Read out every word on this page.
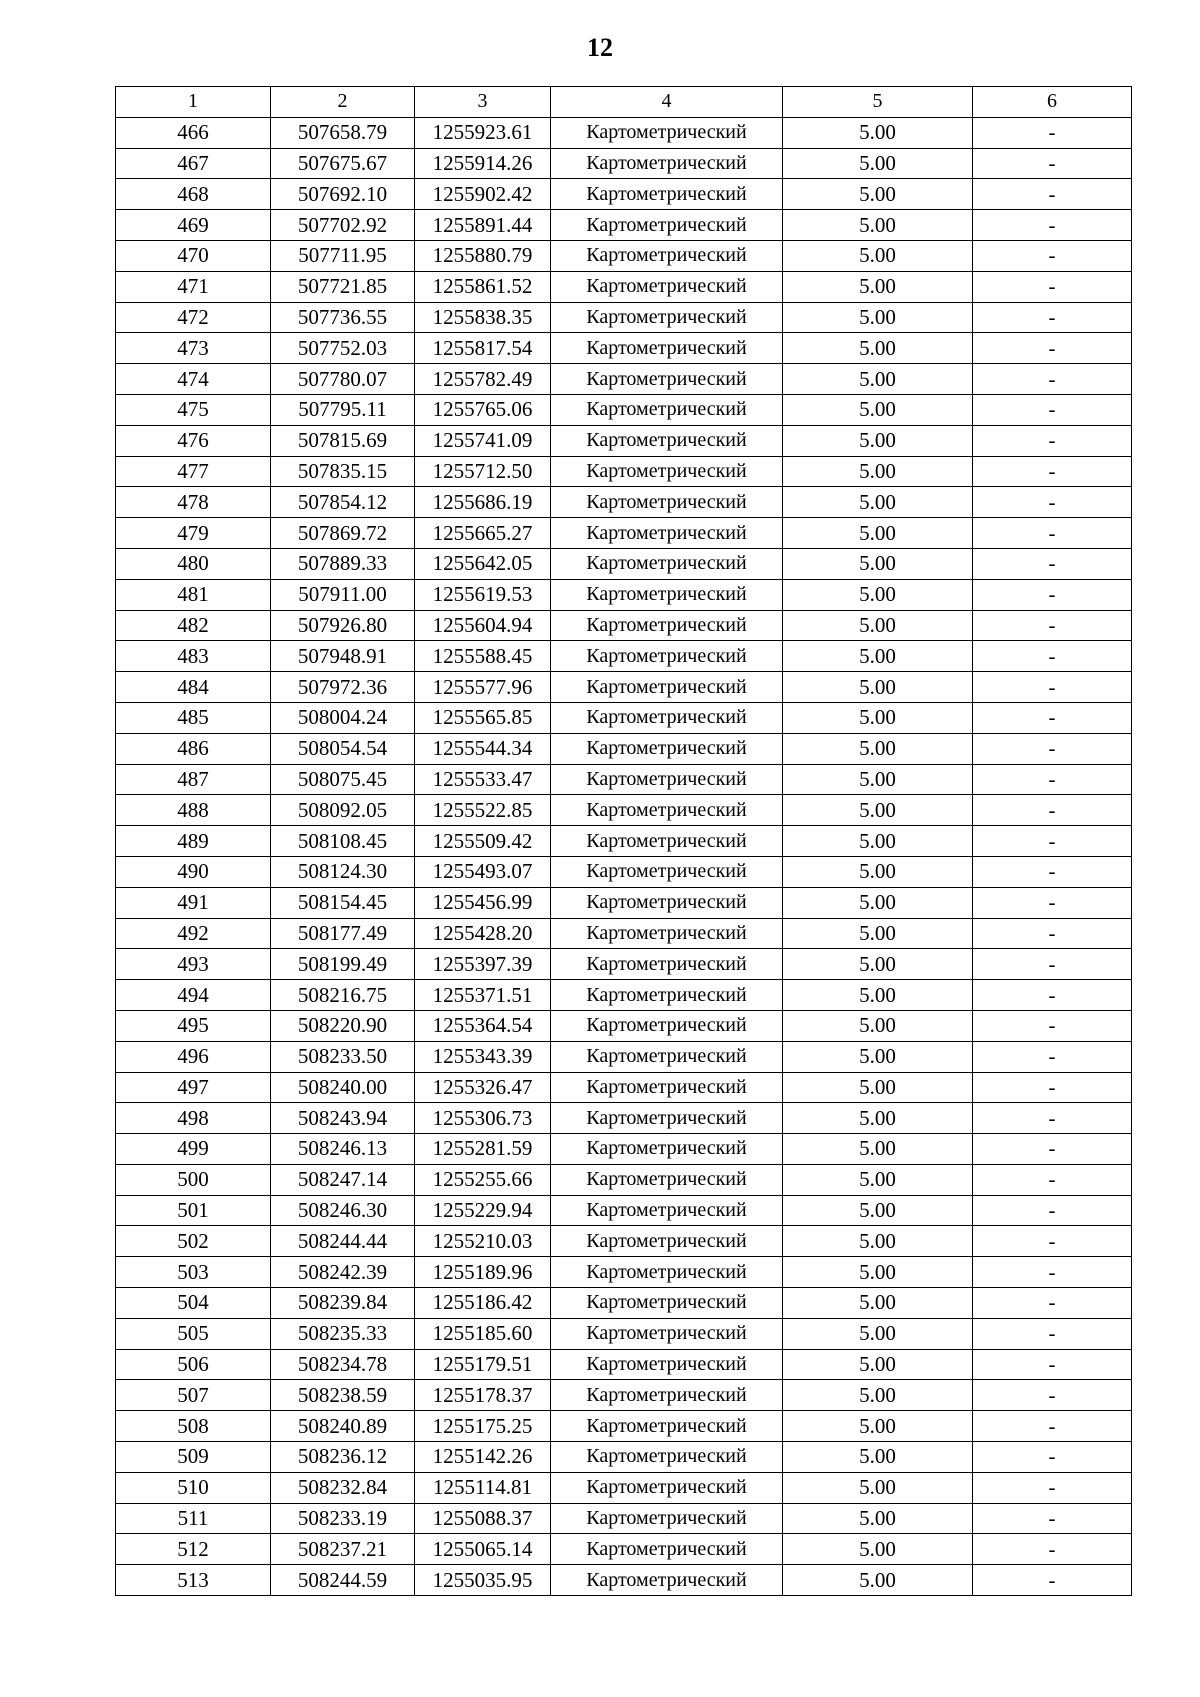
12
1	2	3	4	5	6
466	507658.79	1255923.61	Картометрический	5.00	-
467	507675.67	1255914.26	Картометрический	5.00	-
468	507692.10	1255902.42	Картометрический	5.00	-
469	507702.92	1255891.44	Картометрический	5.00	-
470	507711.95	1255880.79	Картометрический	5.00	-
471	507721.85	1255861.52	Картометрический	5.00	-
472	507736.55	1255838.35	Картометрический	5.00	-
473	507752.03	1255817.54	Картометрический	5.00	-
474	507780.07	1255782.49	Картометрический	5.00	-
475	507795.11	1255765.06	Картометрический	5.00	-
476	507815.69	1255741.09	Картометрический	5.00	-
477	507835.15	1255712.50	Картометрический	5.00	-
478	507854.12	1255686.19	Картометрический	5.00	-
479	507869.72	1255665.27	Картометрический	5.00	-
480	507889.33	1255642.05	Картометрический	5.00	-
481	507911.00	1255619.53	Картометрический	5.00	-
482	507926.80	1255604.94	Картометрический	5.00	-
483	507948.91	1255588.45	Картометрический	5.00	-
484	507972.36	1255577.96	Картометрический	5.00	-
485	508004.24	1255565.85	Картометрический	5.00	-
486	508054.54	1255544.34	Картометрический	5.00	-
487	508075.45	1255533.47	Картометрический	5.00	-
488	508092.05	1255522.85	Картометрический	5.00	-
489	508108.45	1255509.42	Картометрический	5.00	-
490	508124.30	1255493.07	Картометрический	5.00	-
491	508154.45	1255456.99	Картометрический	5.00	-
492	508177.49	1255428.20	Картометрический	5.00	-
493	508199.49	1255397.39	Картометрический	5.00	-
494	508216.75	1255371.51	Картометрический	5.00	-
495	508220.90	1255364.54	Картометрический	5.00	-
496	508233.50	1255343.39	Картометрический	5.00	-
497	508240.00	1255326.47	Картометрический	5.00	-
498	508243.94	1255306.73	Картометрический	5.00	-
499	508246.13	1255281.59	Картометрический	5.00	-
500	508247.14	1255255.66	Картометрический	5.00	-
501	508246.30	1255229.94	Картометрический	5.00	-
502	508244.44	1255210.03	Картометрический	5.00	-
503	508242.39	1255189.96	Картометрический	5.00	-
504	508239.84	1255186.42	Картометрический	5.00	-
505	508235.33	1255185.60	Картометрический	5.00	-
506	508234.78	1255179.51	Картометрический	5.00	-
507	508238.59	1255178.37	Картометрический	5.00	-
508	508240.89	1255175.25	Картометрический	5.00	-
509	508236.12	1255142.26	Картометрический	5.00	-
510	508232.84	1255114.81	Картометрический	5.00	-
511	508233.19	1255088.37	Картометрический	5.00	-
512	508237.21	1255065.14	Картометрический	5.00	-
513	508244.59	1255035.95	Картометрический	5.00	-
